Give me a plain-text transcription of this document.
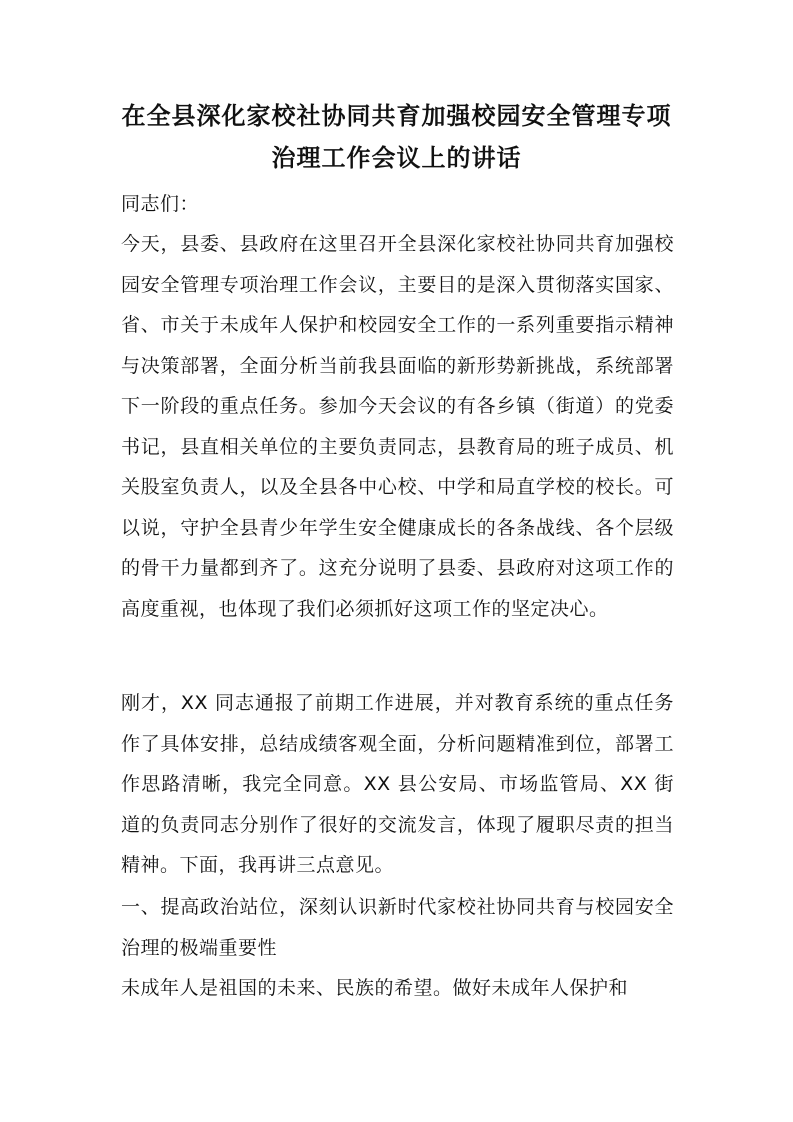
在全县深化家校社协同共育加强校园安全管理专项
治理工作会议上的讲话
同志们：
今天，县委、县政府在这里召开全县深化家校社协同共育加强校园安全管理专项治理工作会议，主要目的是深入贯彻落实国家、省、市关于未成年人保护和校园安全工作的一系列重要指示精神与决策部署，全面分析当前我县面临的新形势新挑战，系统部署下一阶段的重点任务。参加今天会议的有各乡镇（街道）的党委书记，县直相关单位的主要负责同志，县教育局的班子成员、机关股室负责人，以及全县各中心校、中学和局直学校的校长。可以说，守护全县青少年学生安全健康成长的各条战线、各个层级的骨干力量都到齐了。这充分说明了县委、县政府对这项工作的高度重视，也体现了我们必须抓好这项工作的坚定决心。
刚才，XX 同志通报了前期工作进展，并对教育系统的重点任务作了具体安排，总结成绩客观全面，分析问题精准到位，部署工作思路清晰，我完全同意。XX 县公安局、市场监管局、XX 街道的负责同志分别作了很好的交流发言，体现了履职尽责的担当精神。下面，我再讲三点意见。
一、提高政治站位，深刻认识新时代家校社协同共育与校园安全治理的极端重要性
未成年人是祖国的未来、民族的希望。做好未成年人保护和
